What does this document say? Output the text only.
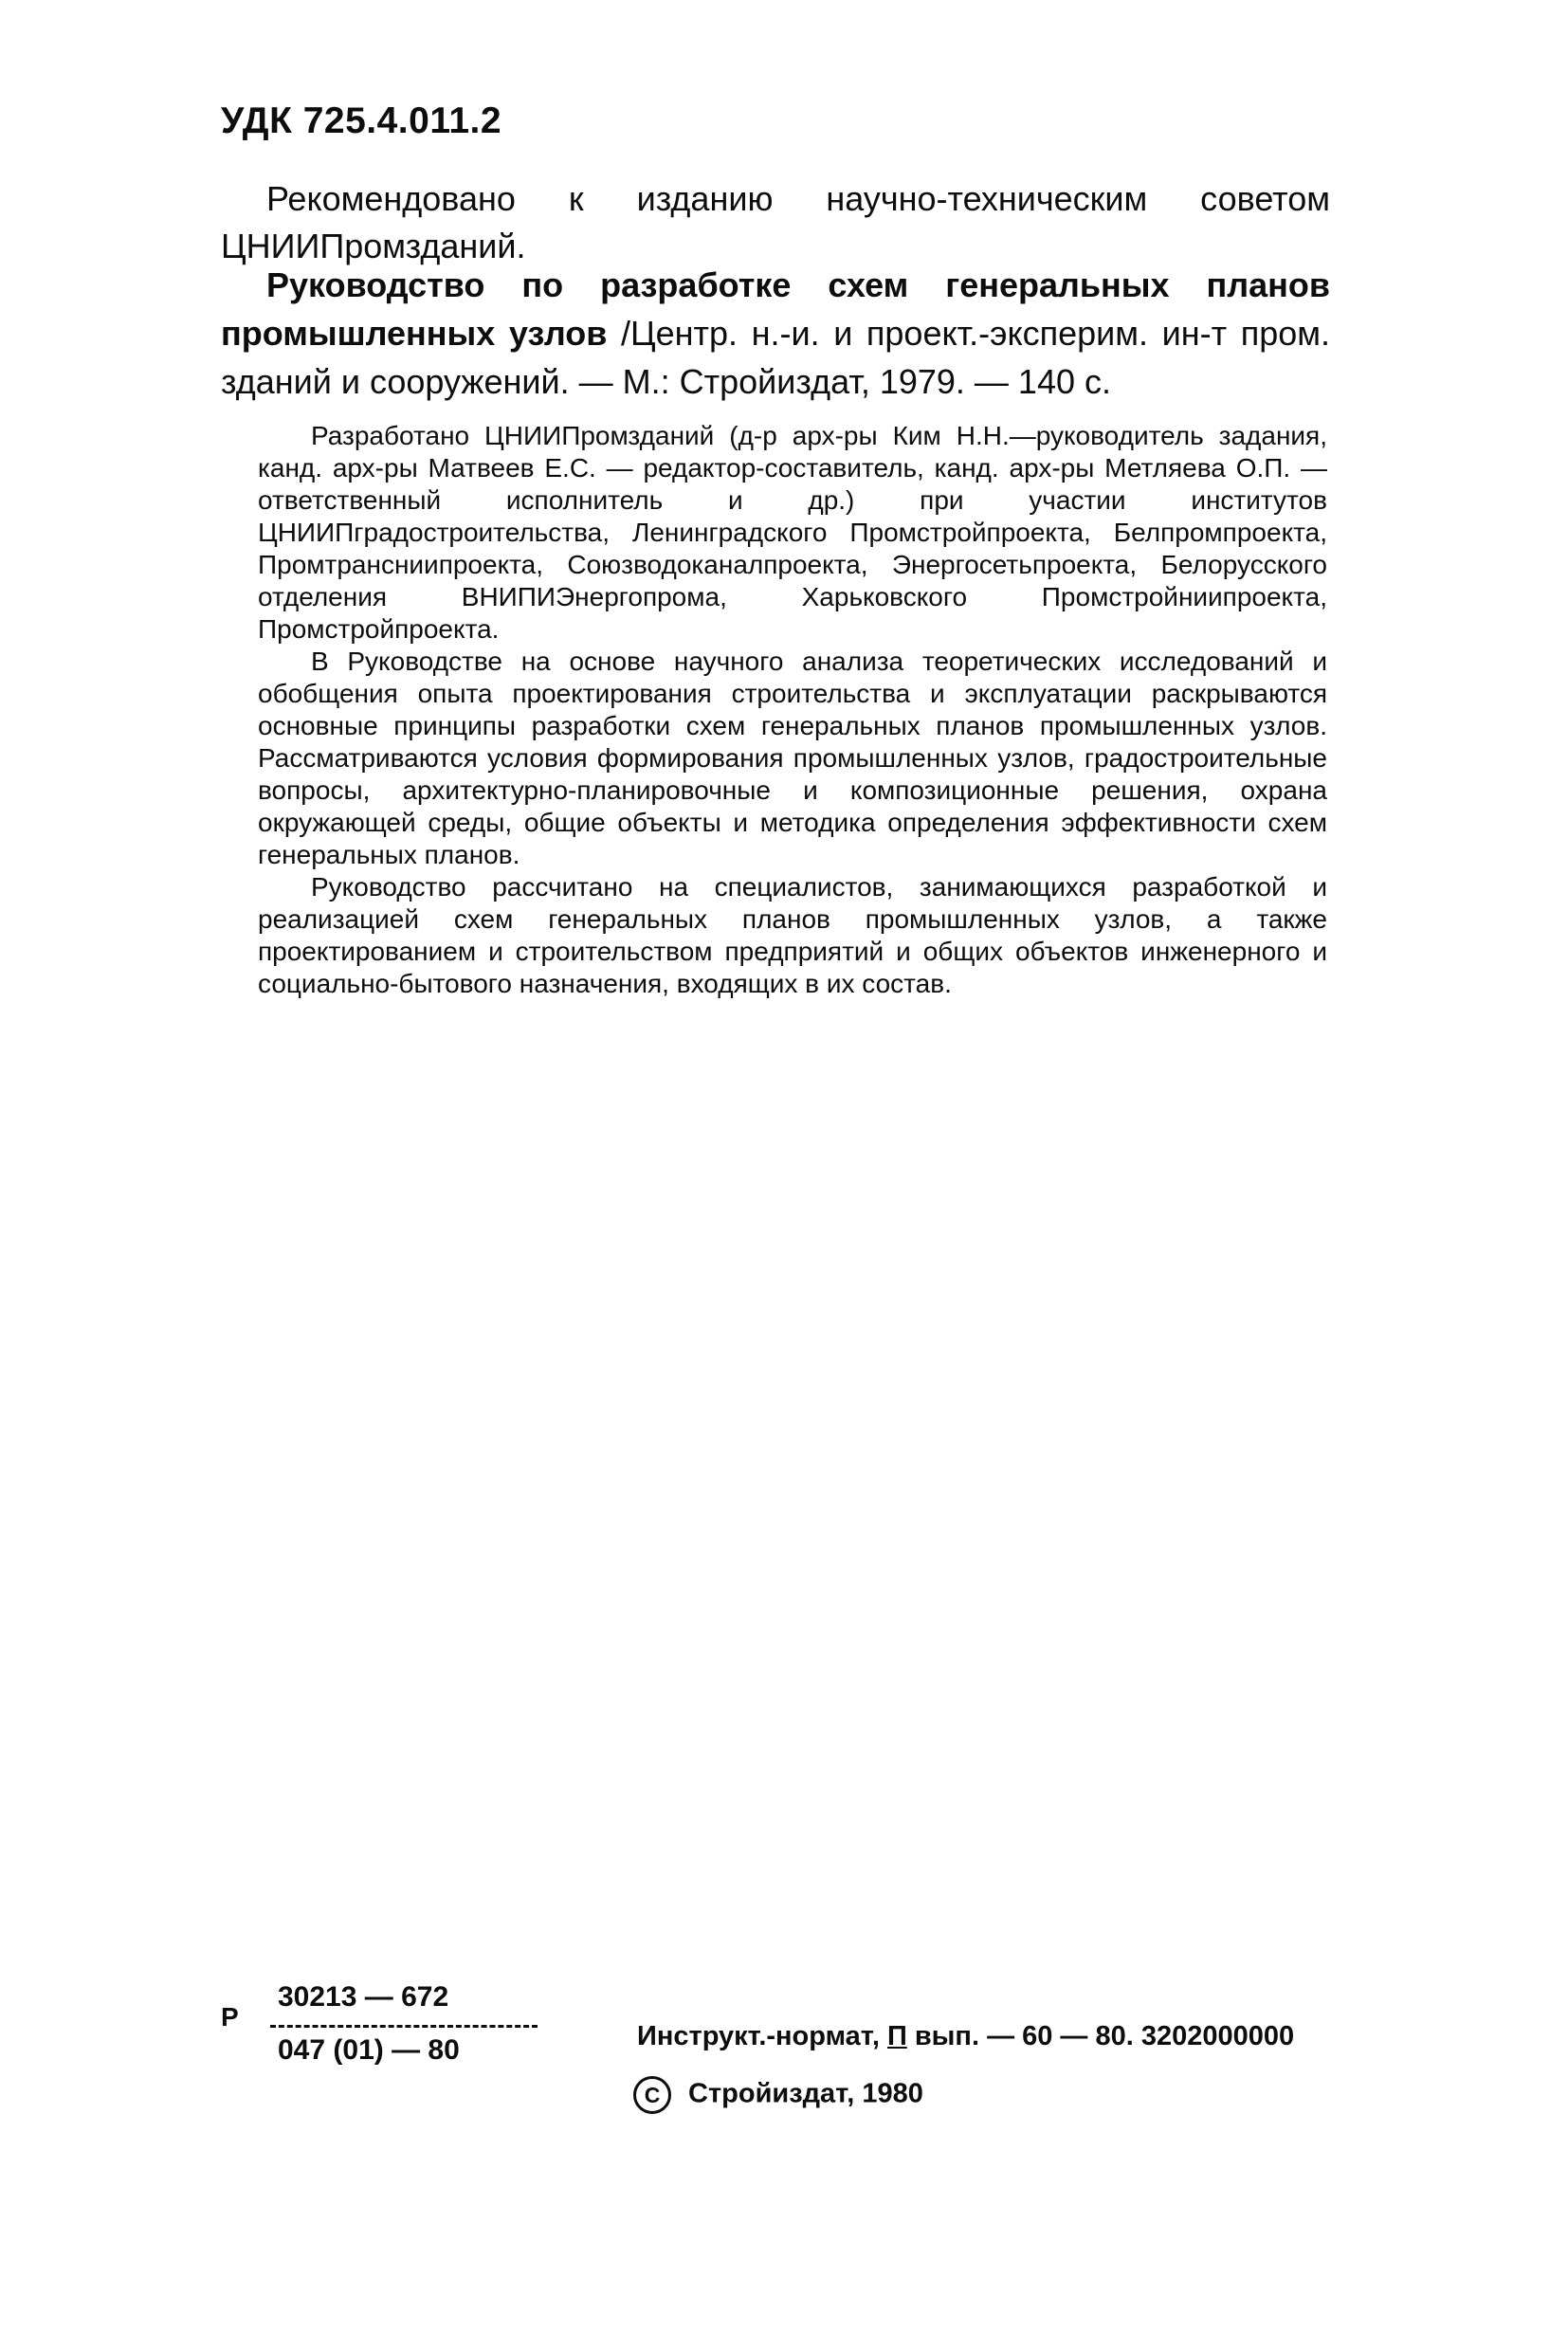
УДК 725.4.011.2
Рекомендовано к изданию научно-техническим советом ЦНИИПромзданий.
Руководство по разработке схем генеральных планов промышленных узлов /Центр. н.-и. и проект.-эксперим. ин-т пром. зданий и сооружений. — М.: Стройиздат, 1979. — 140 с.

Разработано ЦНИИПромзданий (д-р арх-ры Ким Н.Н.—руководитель задания, канд. арх-ры Матвеев Е.С. — редактор-составитель, канд. арх-ры Метляева О.П. — ответственный исполнитель и др.) при участии институтов ЦНИИПградостроительства, Ленинградского Промстройпроекта, Белпромпроекта, Промтрансниипроекта, Союзводоканалпроекта, Энергосетьпроекта, Белорусского отделения ВНИПИЭнергопрома, Харьковского Промстройниипроекта, Промстройпроекта.

В Руководстве на основе научного анализа теоретических исследований и обобщения опыта проектирования строительства и эксплуатации раскрываются основные принципы разработки схем генеральных планов промышленных узлов. Рассматриваются условия формирования промышленных узлов, градостроительные вопросы, архитектурно-планировочные и композиционные решения, охрана окружающей среды, общие объекты и методика определения эффективности схем генеральных планов.

Руководство рассчитано на специалистов, занимающихся разработкой и реализацией схем генеральных планов промышленных узлов, а также проектированием и строительством предприятий и общих объектов инженерного и социально-бытового назначения, входящих в их состав.

Р
30213 — 672
047 (01) — 80	Инструкт.-нормат, П вып. — 60 — 80. 3202000000
С Стройиздат, 1980
